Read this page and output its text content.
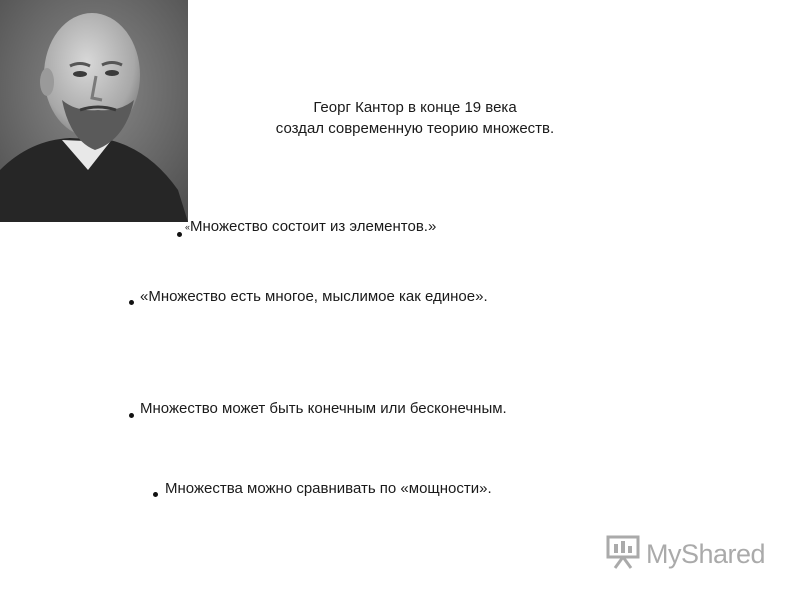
Георг Кантор в конце 19 века
создал современную теорию множеств.
«Множество состоит из элементов.»
«Множество есть многое, мыслимое как единое».
Множество может быть конечным или бесконечным.
Множества можно сравнивать по «мощности».
MyShared
